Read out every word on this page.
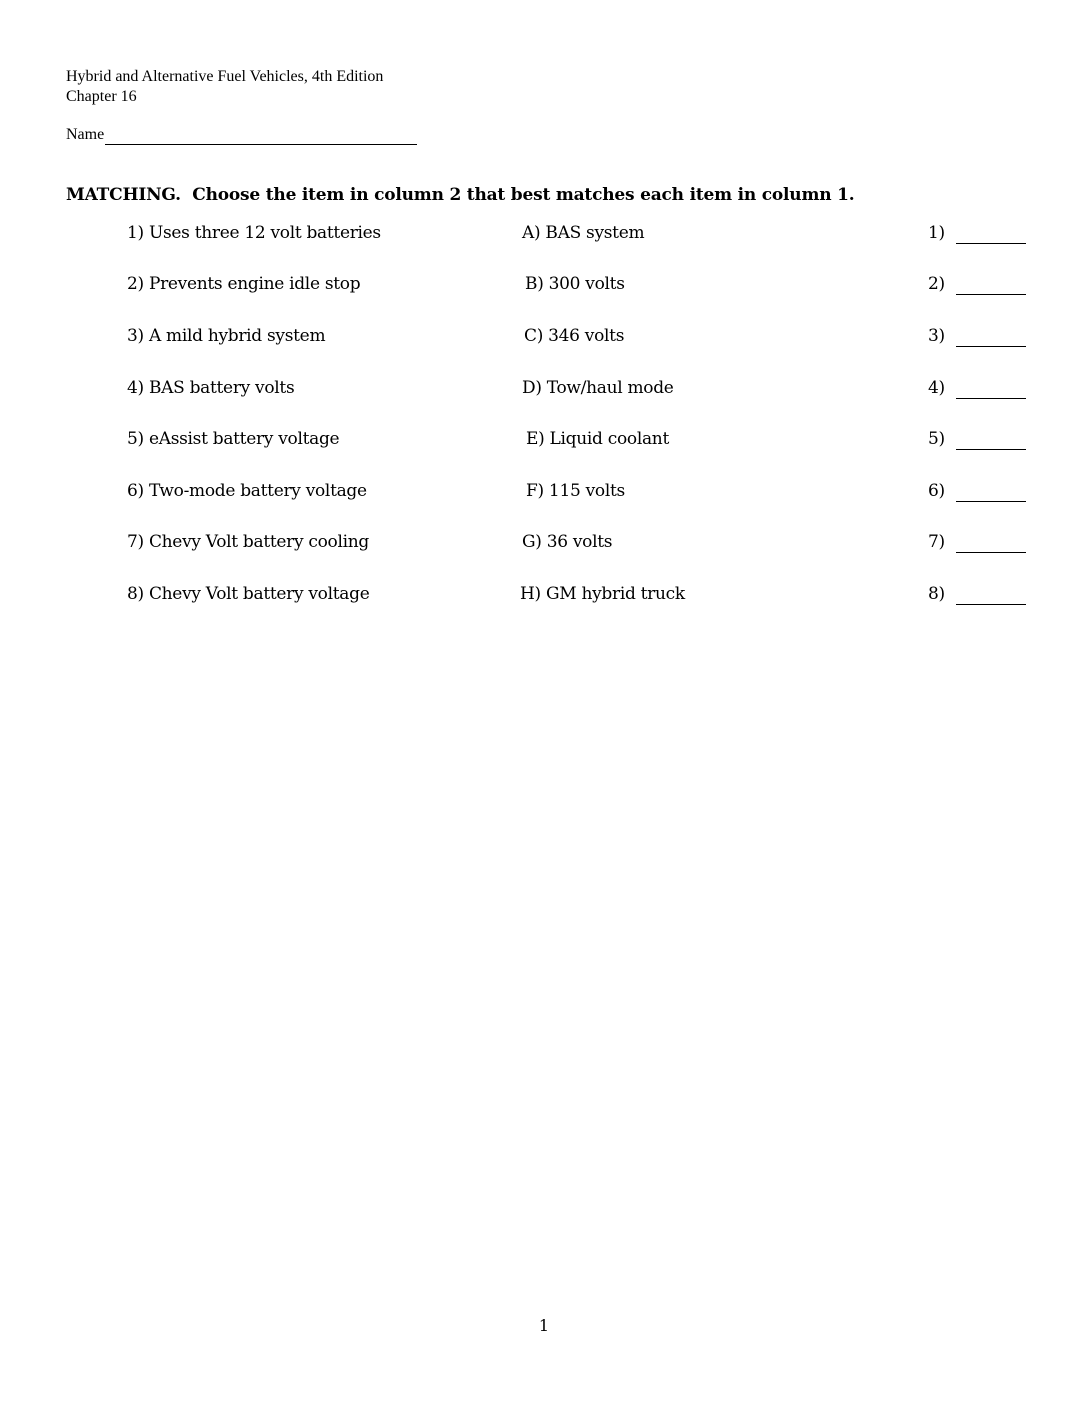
Hybrid and Alternative Fuel Vehicles, 4th Edition
Chapter 16
Name
MATCHING.  Choose the item in column 2 that best matches each item in column 1.
1) Uses three 12 volt batteries	A) BAS system	1)
2) Prevents engine idle stop	B) 300 volts	2)
3) A mild hybrid system	C) 346 volts	3)
4) BAS battery volts	D) Tow/haul mode	4)
5) eAssist battery voltage	E) Liquid coolant	5)
6) Two-mode battery voltage	F) 115 volts	6)
7) Chevy Volt battery cooling	G) 36 volts	7)
8) Chevy Volt battery voltage	H) GM hybrid truck	8)
1
